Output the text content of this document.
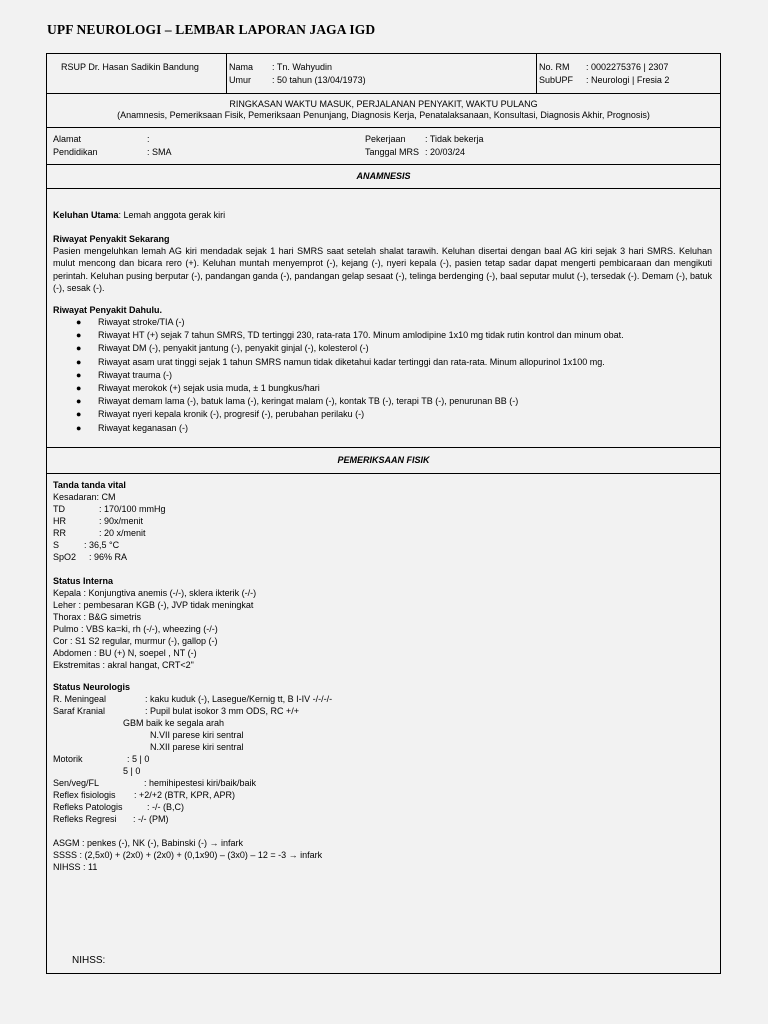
UPF NEUROLOGI – LEMBAR LAPORAN JAGA IGD
RSUP Dr. Hasan Sadikin Bandung	Nama : Tn. Wahyudin
Umur : 50 tahun (13/04/1973)
No. RM : 0002275376 | 2307
SubUPF : Neurologi | Fresia 2
RINGKASAN WAKTU MASUK, PERJALANAN PENYAKIT, WAKTU PULANG
(Anamnesis, Pemeriksaan Fisik, Pemeriksaan Penunjang, Diagnosis Kerja, Penatalaksanaan, Konsultasi, Diagnosis Akhir, Prognosis)
Alamat	:
Pendidikan	: SMA
Pekerjaan : Tidak bekerja
Tanggal MRS : 20/03/24
ANAMNESIS
Keluhan Utama: Lemah anggota gerak kiri
Riwayat Penyakit Sekarang
Pasien mengeluhkan lemah AG kiri mendadak sejak 1 hari SMRS saat setelah shalat tarawih. Keluhan disertai dengan baal AG kiri sejak 3 hari SMRS. Keluhan mulut mencong dan bicara rero (+). Keluhan muntah menyemprot (-), kejang (-), nyeri kepala (-), pasien tetap sadar dapat mengerti pembicaraan dan mengikuti perintah. Keluhan pusing berputar (-), pandangan ganda (-), pandangan gelap sesaat (-), telinga berdenging (-), baal seputar mulut (-), tersedak (-). Demam (-), batuk (-), sesak (-).
Riwayat Penyakit Dahulu.
● Riwayat stroke/TIA (-)
● Riwayat HT (+) sejak 7 tahun SMRS, TD tertinggi 230, rata-rata 170. Minum amlodipine 1x10 mg tidak rutin kontrol dan minum obat.
● Riwayat DM (-), penyakit jantung (-), penyakit ginjal (-), kolesterol (-)
● Riwayat asam urat tinggi sejak 1 tahun SMRS namun tidak diketahui kadar tertinggi dan rata-rata. Minum allopurinol 1x100 mg.
● Riwayat trauma (-)
● Riwayat merokok (+) sejak usia muda, ± 1 bungkus/hari
● Riwayat demam lama (-), batuk lama (-), keringat malam (-), kontak TB (-), terapi TB (-), penurunan BB (-)
● Riwayat nyeri kepala kronik (-), progresif (-), perubahan perilaku (-)
● Riwayat keganasan (-)
PEMERIKSAAN FISIK
Tanda tanda vital
Kesadaran: CM
TD	: 170/100 mmHg
HR	: 90x/menit
RR	: 20 x/menit
S	: 36,5 °C
SpO2 : 96% RA
Status Interna
Kepala : Konjungtiva anemis (-/-), sklera ikterik (-/-)
Leher : pembesaran KGB (-), JVP tidak meningkat
Thorax : B&G simetris
Pulmo : VBS ka=ki, rh (-/-), wheezing (-/-)
Cor : S1 S2 regular, murmur (-), gallop (-)
Abdomen : BU (+) N, soepel , NT (-)
Ekstremitas : akral hangat, CRT<2"
Status Neurologis
R. Meningeal	: kaku kuduk (-), Lasegue/Kernig tt, B I-IV -/-/-/-
Saraf Kranial	: Pupil bulat isokor 3 mm ODS, RC +/+
GBM baik ke segala arah
N.VII parese kiri sentral
N.XII parese kiri sentral
Motorik	: 5 | 0
5 | 0
Sen/veg/FL	: hemihipestesi kiri/baik/baik
Reflex fisiologis : +2/+2 (BTR, KPR, APR)
Refleks Patologis	: -/- (B,C)
Refleks Regresi : -/- (PM)
ASGM : penkes (-), NK (-), Babinski (-) → infark
SSSS : (2,5x0) + (2x0) + (2x0) + (0,1x90) – (3x0) – 12 = -3 → infark
NIHSS : 11
NIHSS:
